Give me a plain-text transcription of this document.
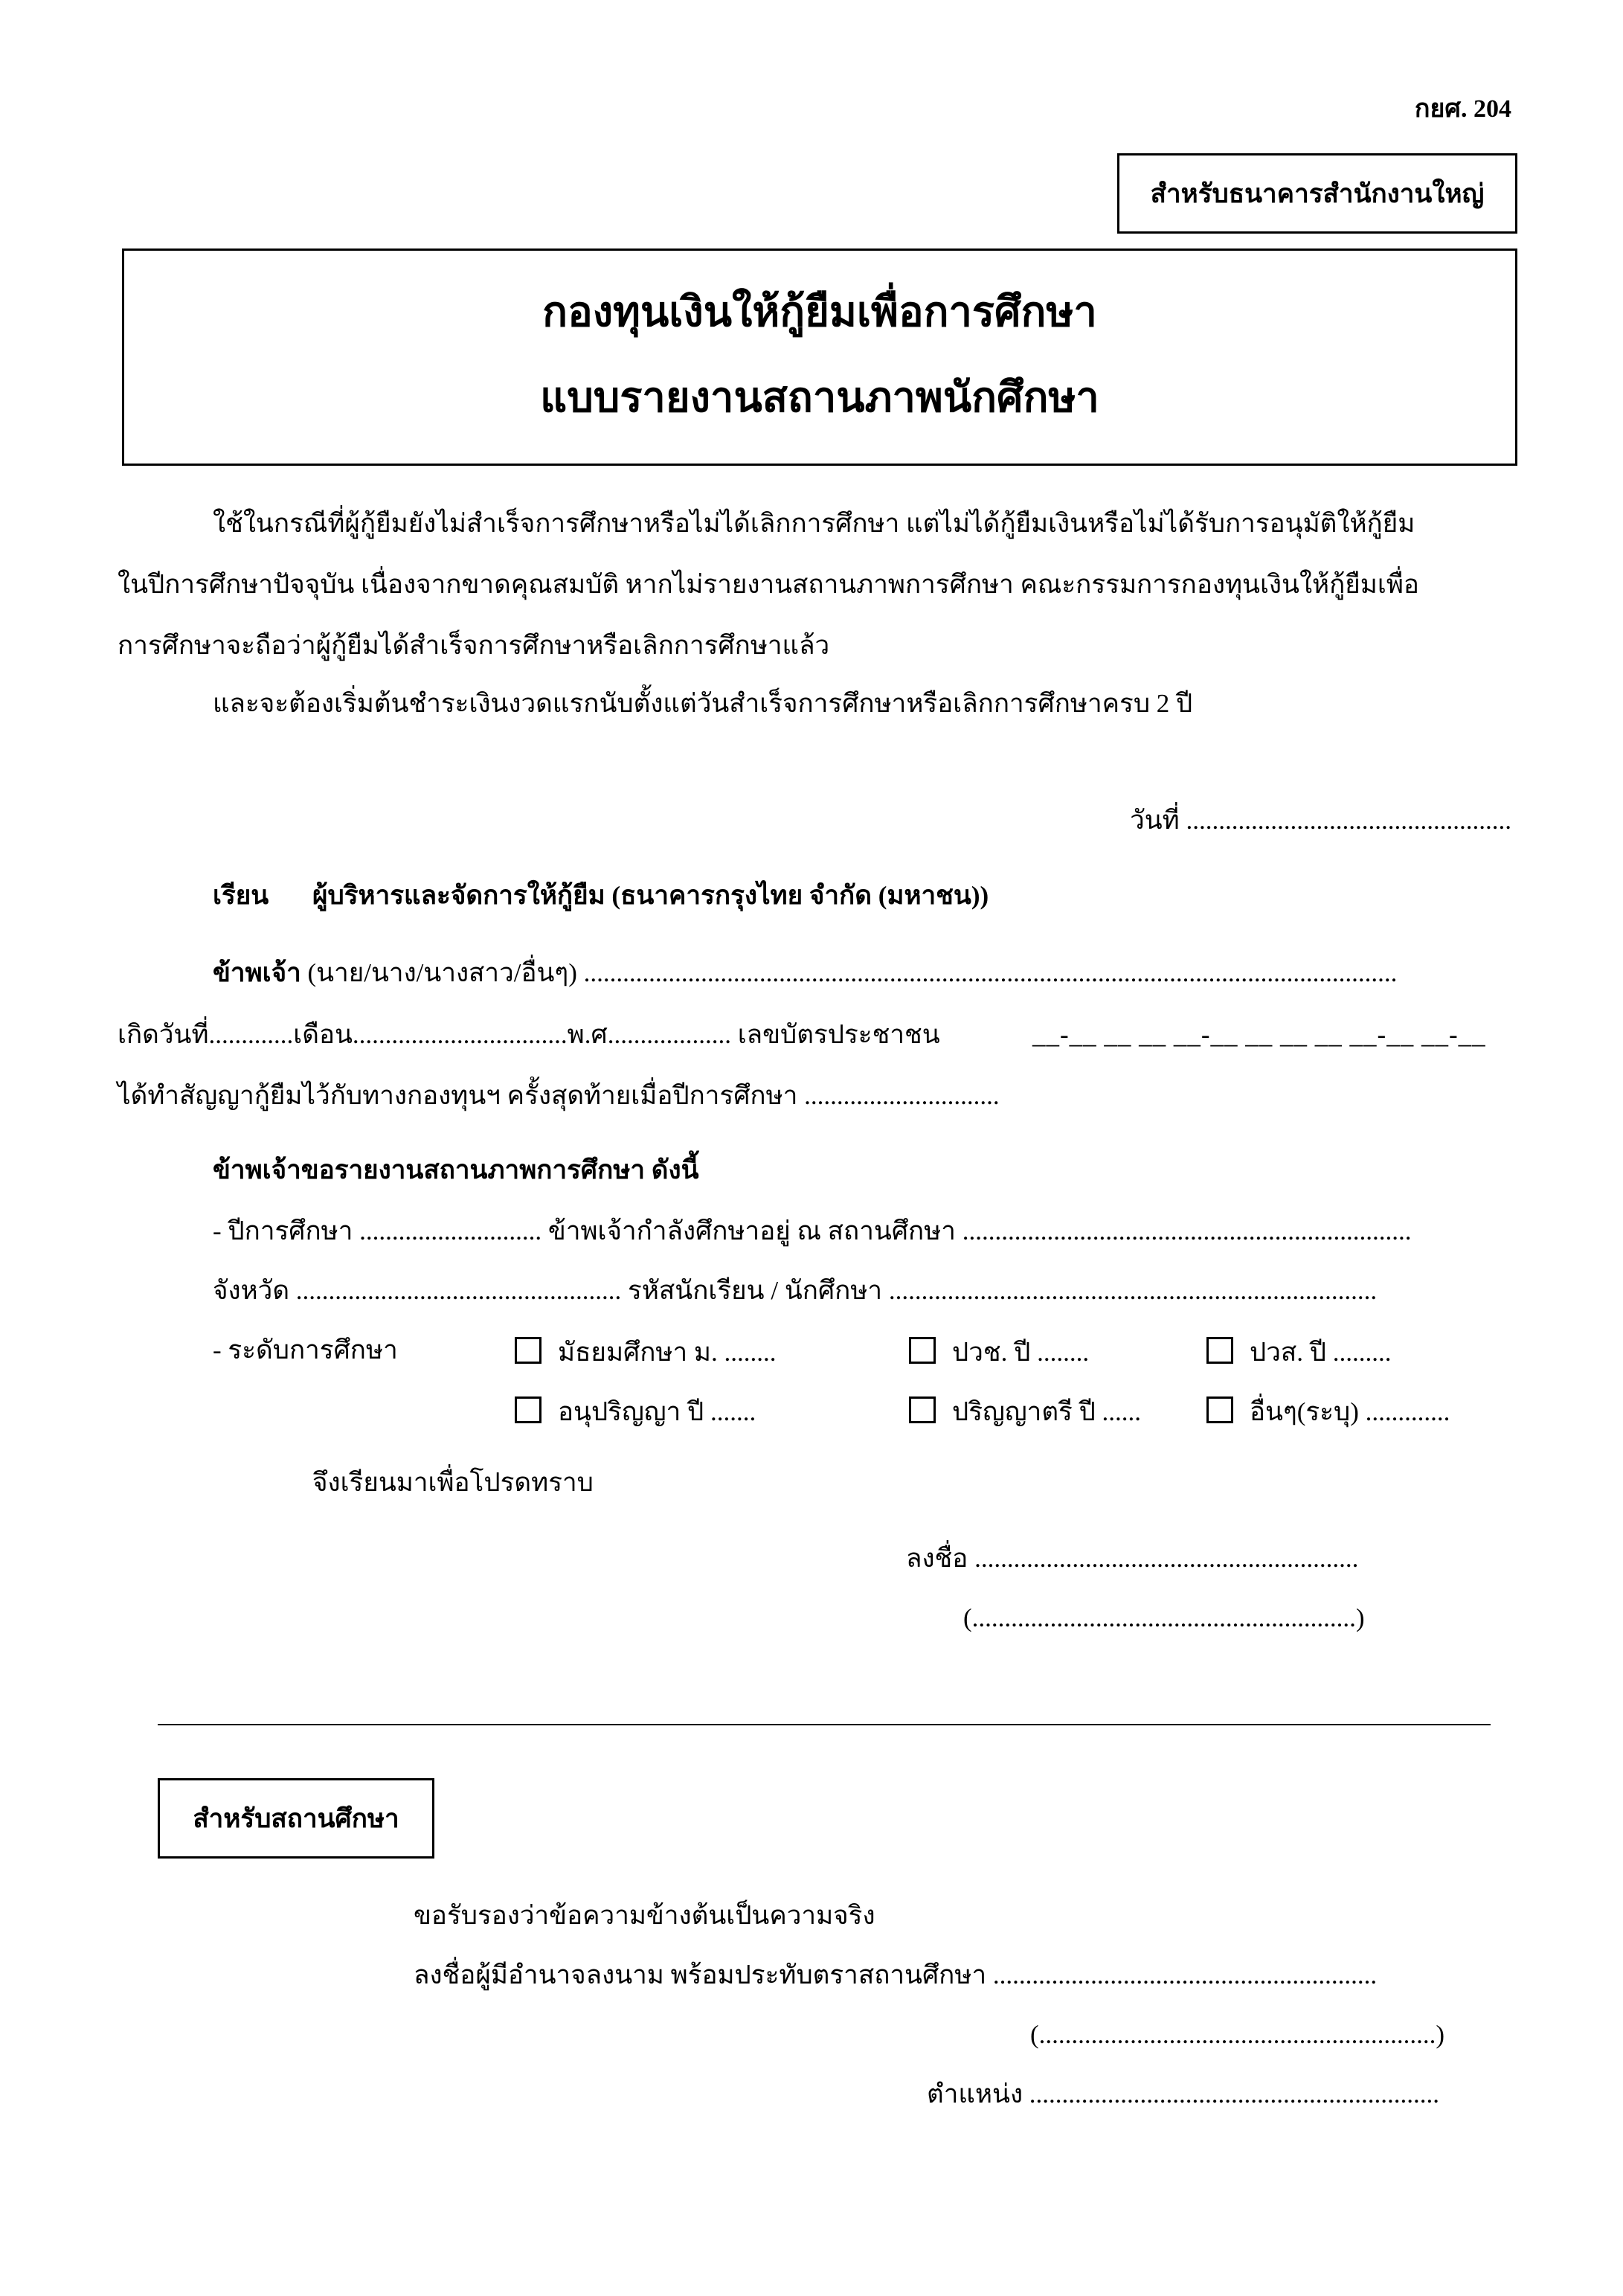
กยศ. 204
สำหรับธนาคารสำนักงานใหญ่
กองทุนเงินให้กู้ยืมเพื่อการศึกษา
แบบรายงานสถานภาพนักศึกษา
ใช้ในกรณีที่ผู้กู้ยืมยังไม่สำเร็จการศึกษาหรือไม่ได้เลิกการศึกษา แต่ไม่ได้กู้ยืมเงินหรือไม่ได้รับการอนุมัติให้กู้ยืม
ในปีการศึกษาปัจจุบัน เนื่องจากขาดคุณสมบัติ หากไม่รายงานสถานภาพการศึกษา คณะกรรมการกองทุนเงินให้กู้ยืมเพื่อ
การศึกษาจะถือว่าผู้กู้ยืมได้สำเร็จการศึกษาหรือเลิกการศึกษาแล้ว
และจะต้องเริ่มต้นชำระเงินงวดแรกนับตั้งแต่วันสำเร็จการศึกษาหรือเลิกการศึกษาครบ 2 ปี
วันที่ ..................................................
เรียน ผู้บริหารและจัดการให้กู้ยืม (ธนาคารกรุงไทย จำกัด (มหาชน))
ข้าพเจ้า (นาย/นาง/นางสาว/อื่นๆ) .............................................................................................................................
เกิดวันที่.............เดือน.................................พ.ศ................... เลขบัตรประชาชน	__-__ __ __ __-__ __ __ __ __-__ __-__
ได้ทำสัญญากู้ยืมไว้กับทางกองทุนฯ ครั้งสุดท้ายเมื่อปีการศึกษา ..............................
ข้าพเจ้าขอรายงานสถานภาพการศึกษา ดังนี้
- ปีการศึกษา ............................ ข้าพเจ้ากำลังศึกษาอยู่ ณ สถานศึกษา .....................................................................
จังหวัด .................................................. รหัสนักเรียน / นักศึกษา ...........................................................................
- ระดับการศึกษา	มัธยมศึกษา ม. ........	ปวช. ปี ........	ปวส. ปี .........
อนุปริญญา ปี .......	ปริญญาตรี ปี ......	อื่นๆ(ระบุ) .............
จึงเรียนมาเพื่อโปรดทราบ
ลงชื่อ ...........................................................
(...........................................................)
สำหรับสถานศึกษา
ขอรับรองว่าข้อความข้างต้นเป็นความจริง
ลงชื่อผู้มีอำนาจลงนาม พร้อมประทับตราสถานศึกษา ...........................................................
(.............................................................)
ตำแหน่ง ...............................................................
